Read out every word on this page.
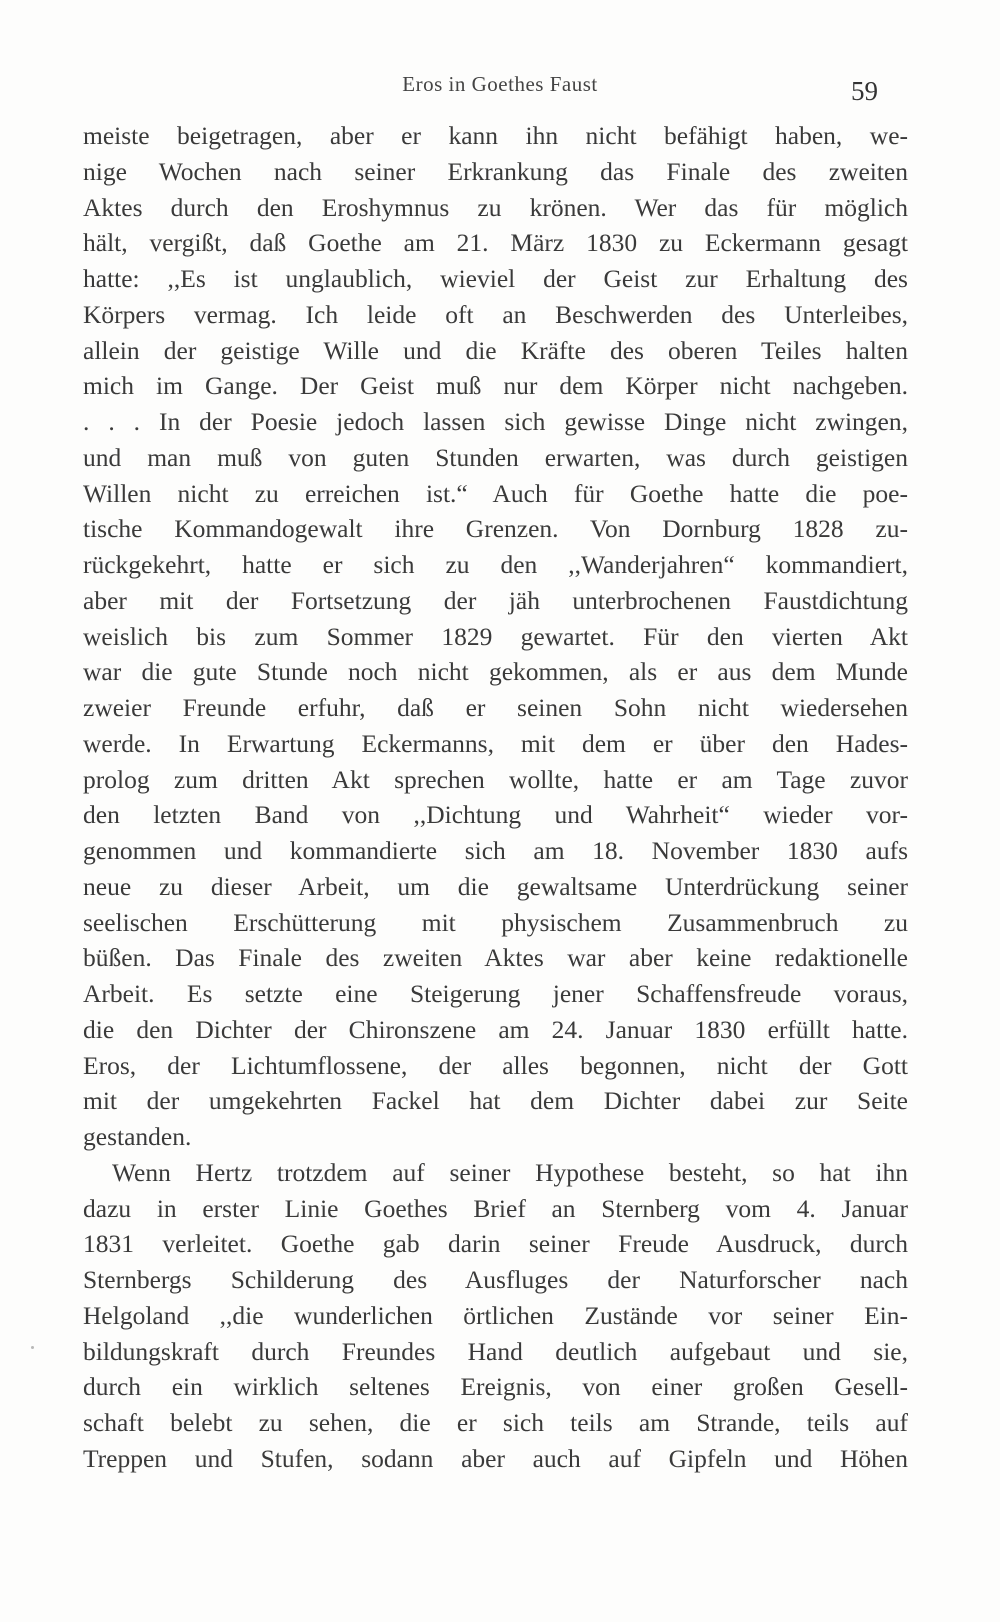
Eros in Goethes Faust	59
meiste beigetragen, aber er kann ihn nicht befähigt haben, we-
nige Wochen nach seiner Erkrankung das Finale des zweiten
Aktes durch den Eroshymnus zu krönen. Wer das für möglich
hält, vergißt, daß Goethe am 21. März 1830 zu Eckermann gesagt
hatte: ,,Es ist unglaublich, wieviel der Geist zur Erhaltung des
Körpers vermag. Ich leide oft an Beschwerden des Unterleibes,
allein der geistige Wille und die Kräfte des oberen Teiles halten
mich im Gange. Der Geist muß nur dem Körper nicht nachgeben.
. . . In der Poesie jedoch lassen sich gewisse Dinge nicht zwingen,
und man muß von guten Stunden erwarten, was durch geistigen
Willen nicht zu erreichen ist.“ Auch für Goethe hatte die poe-
tische Kommandogewalt ihre Grenzen. Von Dornburg 1828 zu-
rückgekehrt, hatte er sich zu den ,,Wanderjahren“ kommandiert,
aber mit der Fortsetzung der jäh unterbrochenen Faustdichtung
weislich bis zum Sommer 1829 gewartet. Für den vierten Akt
war die gute Stunde noch nicht gekommen, als er aus dem Munde
zweier Freunde erfuhr, daß er seinen Sohn nicht wiedersehen
werde. In Erwartung Eckermanns, mit dem er über den Hades-
prolog zum dritten Akt sprechen wollte, hatte er am Tage zuvor
den letzten Band von ,,Dichtung und Wahrheit“ wieder vor-
genommen und kommandierte sich am 18. November 1830 aufs
neue zu dieser Arbeit, um die gewaltsame Unterdrückung seiner
seelischen Erschütterung mit physischem Zusammenbruch zu
büßen. Das Finale des zweiten Aktes war aber keine redaktionelle
Arbeit. Es setzte eine Steigerung jener Schaffensfreude voraus,
die den Dichter der Chironszene am 24. Januar 1830 erfüllt hatte.
Eros, der Lichtumflossene, der alles begonnen, nicht der Gott
mit der umgekehrten Fackel hat dem Dichter dabei zur Seite
gestanden.
Wenn Hertz trotzdem auf seiner Hypothese besteht, so hat ihn
dazu in erster Linie Goethes Brief an Sternberg vom 4. Januar
1831 verleitet. Goethe gab darin seiner Freude Ausdruck, durch
Sternbergs Schilderung des Ausfluges der Naturforscher nach
Helgoland ,,die wunderlichen örtlichen Zustände vor seiner Ein-
bildungskraft durch Freundes Hand deutlich aufgebaut und sie,
durch ein wirklich seltenes Ereignis, von einer großen Gesell-
schaft belebt zu sehen, die er sich teils am Strande, teils auf
Treppen und Stufen, sodann aber auch auf Gipfeln und Höhen
